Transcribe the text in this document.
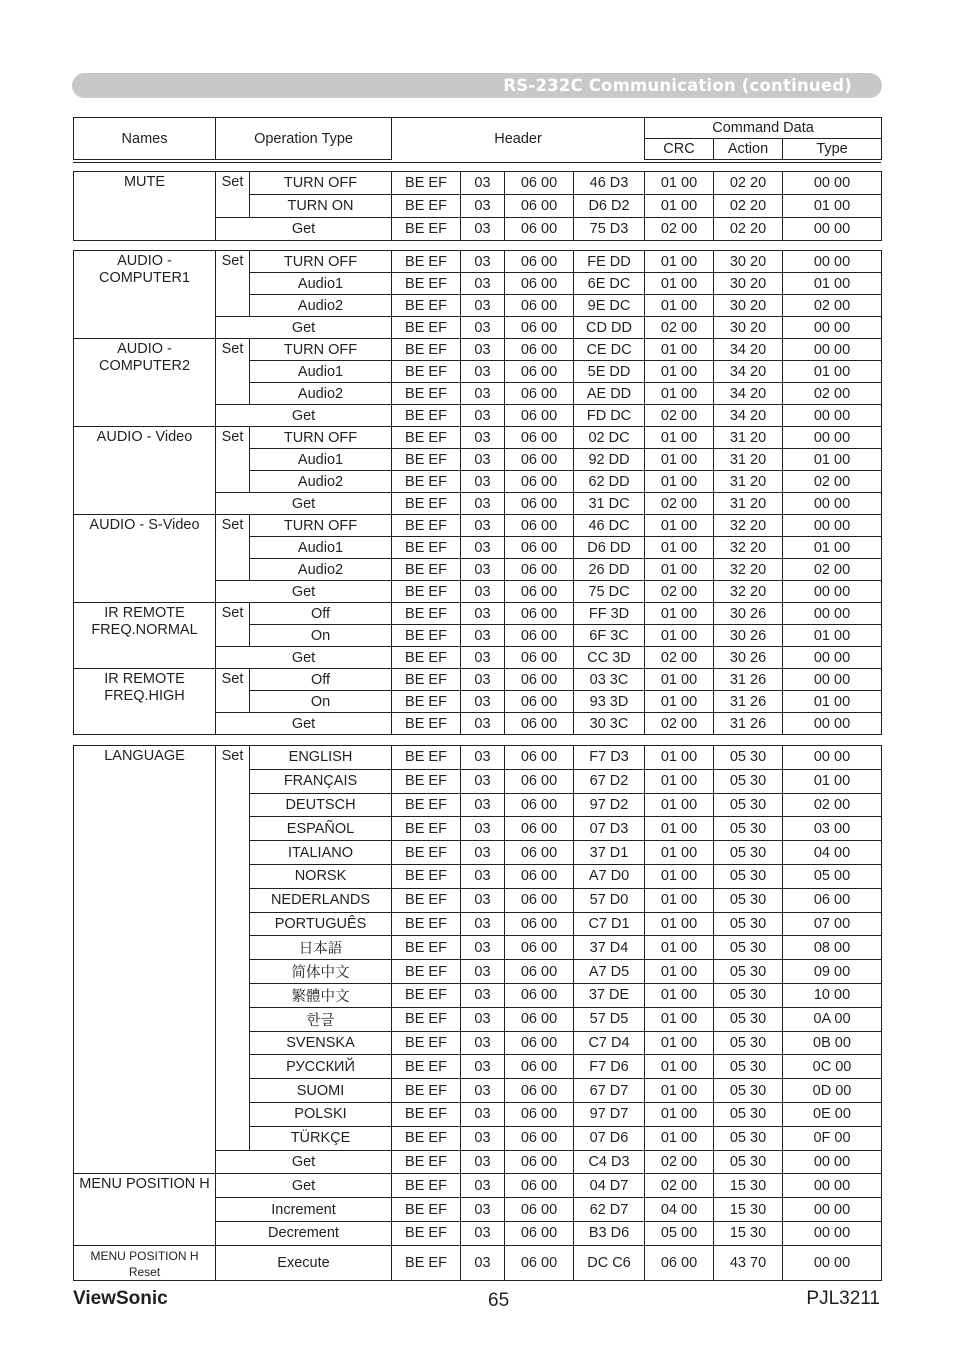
RS-232C Communication (continued)
Names	Operation Type	Header	Command Data			
			CRC	Action	Type	
MUTE	Set	TURN OFF	BE EF	03	06 00	46 D3	01 00	02 20	00 00
		TURN ON	BE EF	03	06 00	D6 D2	01 00	02 20	01 00
	Get		BE EF	03	06 00	75 D3	02 00	02 20	00 00
AUDIO - COMPUTER1	Set	TURN OFF	BE EF	03	06 00	FE DD	01 00	30 20	00 00
		Audio1	BE EF	03	06 00	6E DC	01 00	30 20	01 00
		Audio2	BE EF	03	06 00	9E DC	01 00	30 20	02 00
	Get		BE EF	03	06 00	CD DD	02 00	30 20	00 00
AUDIO - COMPUTER2	Set	TURN OFF	BE EF	03	06 00	CE DC	01 00	34 20	00 00
		Audio1	BE EF	03	06 00	5E DD	01 00	34 20	01 00
		Audio2	BE EF	03	06 00	AE DD	01 00	34 20	02 00
	Get		BE EF	03	06 00	FD DC	02 00	34 20	00 00
AUDIO - Video	Set	TURN OFF	BE EF	03	06 00	02 DC	01 00	31 20	00 00
		Audio1	BE EF	03	06 00	92 DD	01 00	31 20	01 00
		Audio2	BE EF	03	06 00	62 DD	01 00	31 20	02 00
	Get		BE EF	03	06 00	31 DC	02 00	31 20	00 00
AUDIO - S-Video	Set	TURN OFF	BE EF	03	06 00	46 DC	01 00	32 20	00 00
		Audio1	BE EF	03	06 00	D6 DD	01 00	32 20	01 00
		Audio2	BE EF	03	06 00	26 DD	01 00	32 20	02 00
	Get		BE EF	03	06 00	75 DC	02 00	32 20	00 00
IR REMOTE FREQ.NORMAL	Set	Off	BE EF	03	06 00	FF 3D	01 00	30 26	00 00
		On	BE EF	03	06 00	6F 3C	01 00	30 26	01 00
	Get		BE EF	03	06 00	CC 3D	02 00	30 26	00 00
IR REMOTE FREQ.HIGH	Set	Off	BE EF	03	06 00	03 3C	01 00	31 26	00 00
		On	BE EF	03	06 00	93 3D	01 00	31 26	01 00
	Get		BE EF	03	06 00	30 3C	02 00	31 26	00 00
LANGUAGE	Set	ENGLISH	BE EF	03	06 00	F7 D3	01 00	05 30	00 00
		FRANÇAIS	BE EF	03	06 00	67 D2	01 00	05 30	01 00
		DEUTSCH	BE EF	03	06 00	97 D2	01 00	05 30	02 00
		ESPAÑOL	BE EF	03	06 00	07 D3	01 00	05 30	03 00
		ITALIANO	BE EF	03	06 00	37 D1	01 00	05 30	04 00
		NORSK	BE EF	03	06 00	A7 D0	01 00	05 30	05 00
		NEDERLANDS	BE EF	03	06 00	57 D0	01 00	05 30	06 00
		PORTUGUÊS	BE EF	03	06 00	C7 D1	01 00	05 30	07 00
		日本語	BE EF	03	06 00	37 D4	01 00	05 30	08 00
		简体中文	BE EF	03	06 00	A7 D5	01 00	05 30	09 00
		繁體中文	BE EF	03	06 00	37 DE	01 00	05 30	10 00
		한글	BE EF	03	06 00	57 D5	01 00	05 30	0A 00
		SVENSKA	BE EF	03	06 00	C7 D4	01 00	05 30	0B 00
		РУССКИЙ	BE EF	03	06 00	F7 D6	01 00	05 30	0C 00
		SUOMI	BE EF	03	06 00	67 D7	01 00	05 30	0D 00
		POLSKI	BE EF	03	06 00	97 D7	01 00	05 30	0E 00
		TÜRKÇE	BE EF	03	06 00	07 D6	01 00	05 30	0F 00
	Get		BE EF	03	06 00	C4 D3	02 00	05 30	00 00
MENU POSITION H	Get		BE EF	03	06 00	04 D7	02 00	15 30	00 00
	Increment		BE EF	03	06 00	62 D7	04 00	15 30	00 00
	Decrement		BE EF	03	06 00	B3 D6	05 00	15 30	00 00
MENU POSITION H Reset	Execute		BE EF	03	06 00	DC C6	06 00	43 70	00 00
ViewSonic	65	PJL3211
